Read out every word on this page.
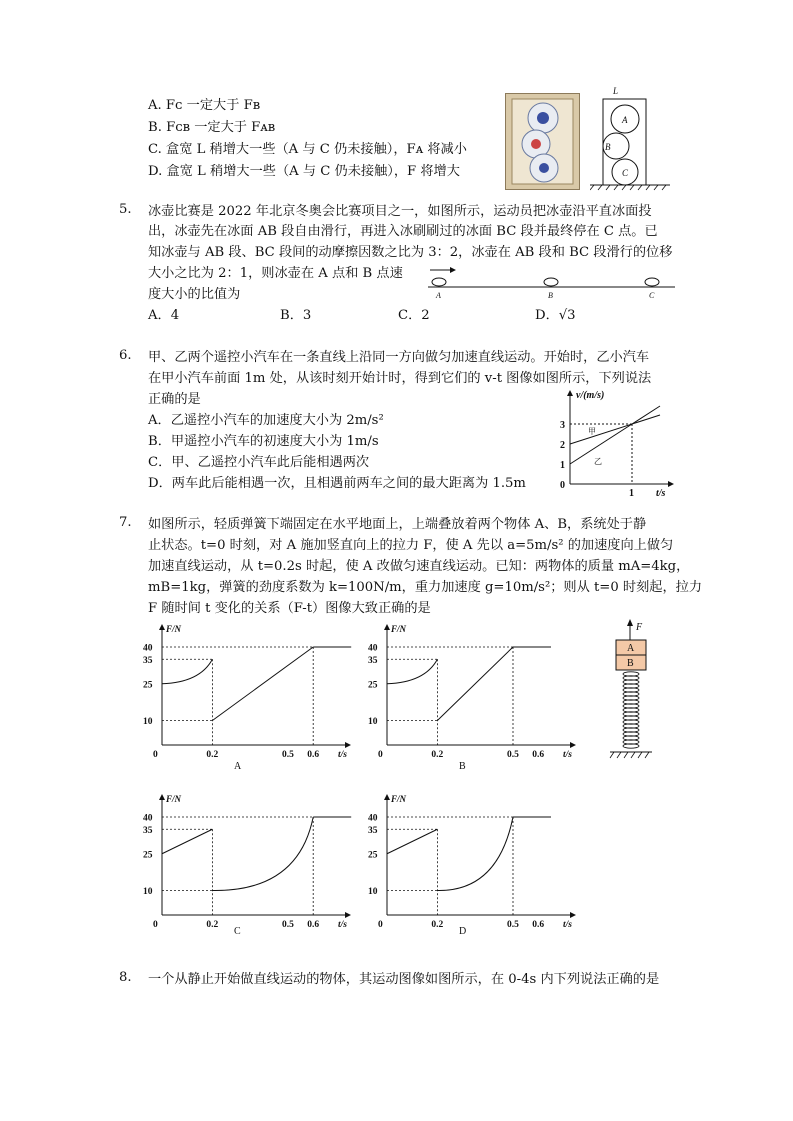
A. Fᴄ 一定大于 Fʙ
B. Fᴄʙ 一定大于 Fᴀʙ
C. 盒宽 L 稍增大一些（A 与 C 仍未接触），Fᴀ 将减小
D. 盒宽 L 稍增大一些（A 与 C 仍未接触），F 将增大
L
A
B
C
5. 冰壶比赛是 2022 年北京冬奥会比赛项目之一，如图所示，运动员把冰壶沿平直冰面投
出，冰壶先在冰面 AB 段自由滑行，再进入冰刷刷过的冰面 BC 段并最终停在 C 点。已
知冰壶与 AB 段、BC 段间的动摩擦因数之比为 3：2，冰壶在 AB 段和 BC 段滑行的位移
大小之比为 2：1，则冰壶在 A 点和 B 点速
度大小的比值为	A	B	C
A．4	B．3	C．2	D．√3
6. 甲、乙两个遥控小汽车在一条直线上沿同一方向做匀加速直线运动。开始时，乙小汽车
在甲小汽车前面 1m 处，从该时刻开始计时，得到它们的 v-t 图像如图所示，下列说法
正确的是
A．乙遥控小汽车的加速度大小为 2m/s²
B．甲遥控小汽车的初速度大小为 1m/s
C．甲、乙遥控小汽车此后能相遇两次
D．两车此后能相遇一次，且相遇前两车之间的最大距离为 1.5m
v/(m/s)
t/s
0
1
2
3
1
甲
乙
7. 如图所示，轻质弹簧下端固定在水平地面上，上端叠放着两个物体 A、B，系统处于静
止状态。t=0 时刻，对 A 施加竖直向上的拉力 F，使 A 先以 a=5m/s² 的加速度向上做匀
加速直线运动，从 t=0.2s 时起，使 A 改做匀速直线运动。已知：两物体的质量 mA=4kg，
mB=1kg，弹簧的劲度系数为 k=100N/m，重力加速度 g=10m/s²；则从 t=0 时刻起，拉力
F 随时间 t 变化的关系（F-t）图像大致正确的是
F
A
B
40
35
25
10
0.2	0.5 0.6
0
F/N
t/s
A
40
35
25
10
0.2	0.5 0.6
0
F/N
t/s
B
40
35
25
10
0.2	0.5 0.6
0
F/N
t/s
C
40
35
25
10
0.2	0.5 0.6
0
F/N
t/s
D
8. 一个从静止开始做直线运动的物体，其运动图像如图所示，在 0-4s 内下列说法正确的是
